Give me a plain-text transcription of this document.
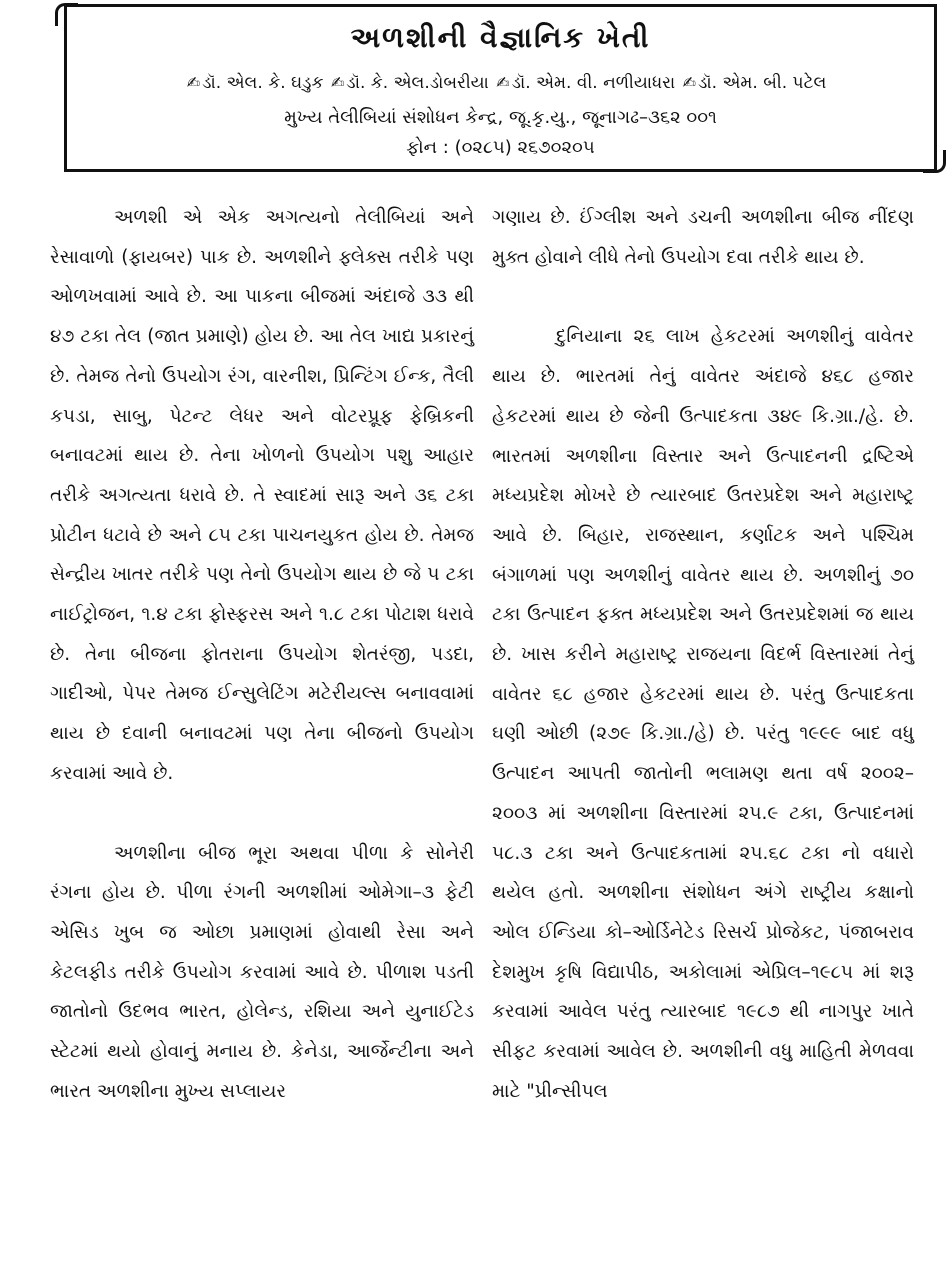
અળશીની વૈજ્ઞાનિક ખેતી
✍ ડૉ. એલ. કે. ઘડુક ✍ ડૉ. કે. એલ.ડોબરીયા ✍ ડૉ. એમ. વી. નળીયાધરા ✍ ડૉ. એમ. બી. પટેલ
મુખ્ય તેલીબિયાં સંશોધન કેન્દ્ર, જૂ.કૃ.યુ., જૂનાગઢ–૩૬૨ ૦૦૧
ફોન : (૦૨૮૫) ૨૬૭૦૨૦૫

અળશી એ એક અગત્યનો તેલીબિયાં અને રેસાવાળો (ફાયબર) પાક છે. અળશીને ફ્લેક્સ તરીકે પણ ઓળખવામાં આવે છે. આ પાકના બીજમાં અંદાજે ૩૩ થી ૪૭ ટકા તેલ (જાત પ્રમાણે) હોય છે. આ તેલ ખાદ્ય પ્રકારનું છે. તેમજ તેનો ઉપયોગ રંગ, વારનીશ, પ્રિન્ટિંગ ઈન્ક, તૈલી કપડા, સાબુ, પેટન્ટ લેધર અને વોટરપ્રૂફ ફેબ્રિકની બનાવટમાં થાય છે. તેના ખોળનો ઉપયોગ પશુ આહાર તરીકે અગત્યતા ધરાવે છે. તે સ્વાદમાં સારૂ અને ૩૬ ટકા પ્રોટીન ધટાવે છે અને ૮૫ ટકા પાચનયુકત હોય છે. તેમજ સેન્દ્રીય ખાતર તરીકે પણ તેનો ઉપયોગ થાય છે જે ૫ ટકા નાઈટ્રોજન, ૧.૪ ટકા ફોસ્ફરસ અને ૧.૮ ટકા પોટાશ ધરાવે છે. તેના બીજના ફોતરાના ઉપયોગ શેતરંજી, પડદા, ગાદીઓ, પેપર તેમજ ઈન્સુલેટિંગ મટેરીયલ્સ બનાવવામાં થાય છે દવાની બનાવટમાં પણ તેના બીજનો ઉપયોગ કરવામાં આવે છે.

અળશીના બીજ ભૂરા અથવા પીળા કે સોનેરી રંગના હોય છે. પીળા રંગની અળશીમાં ઓમેગા–૩ ફેટી એસિડ ખુબ જ ઓછા પ્રમાણમાં હોવાથી રેસા અને કેટલફીડ તરીકે ઉપયોગ કરવામાં આવે છે. પીળાશ પડતી જાતોનો ઉદભવ ભારત, હોલેન્ડ, રશિયા અને યુનાઈટેડ સ્ટેટમાં થયો હોવાનું મનાય છે. કેનેડા, આર્જેન્ટીના અને ભારત અળશીના મુખ્ય સપ્લાયર

ગણાય છે. ઈંગ્લીશ અને ડચની અળશીના બીજ નીંદણ મુક્ત હોવાને લીધે તેનો ઉપયોગ દવા તરીકે થાય છે.

દુનિયાના ૨૬ લાખ હેકટરમાં અળશીનું વાવેતર થાય છે. ભારતમાં તેનું વાવેતર અંદાજે ૪૬૮ હજાર હેકટરમાં થાય છે જેની ઉત્પાદકતા ૩૪૯ કિ.ગ્રા./હે. છે. ભારતમાં અળશીના વિસ્તાર અને ઉત્પાદનની દ્રષ્ટિએ મધ્યપ્રદેશ મોખરે છે ત્યારબાદ ઉતરપ્રદેશ અને મહારાષ્ટ્ર આવે છે. બિહાર, રાજસ્થાન, કર્ણાટક અને પશ્ચિમ બંગાળમાં પણ અળશીનું વાવેતર થાય છે. અળશીનું ૭૦ ટકા ઉત્પાદન ફક્ત મધ્યપ્રદેશ અને ઉતરપ્રદેશમાં જ થાય છે. ખાસ કરીને મહારાષ્ટ્ર રાજયના વિદર્ભ વિસ્તારમાં તેનું વાવેતર ૬૮ હજાર હેકટરમાં થાય છે. પરંતુ ઉત્પાદકતા ઘણી ઓછી (૨૭૯ કિ.ગ્રા./હે) છે. પરંતુ ૧૯૯૯ બાદ વધુ ઉત્પાદન આપતી જાતોની ભલામણ થતા વર્ષ ૨૦૦૨–૨૦૦૩ માં અળશીના વિસ્તારમાં ૨૫.૯ ટકા, ઉત્પાદનમાં ૫૮.૩ ટકા અને ઉત્પાદકતામાં ૨૫.૬૮ ટકા નો વધારો થયેલ હતો. અળશીના સંશોધન અંગે રાષ્ટ્રીય કક્ષાનો ઓલ ઈન્ડિયા કો–ઓર્ડિનેટેડ રિસર્ચ પ્રોજેકટ, પંજાબરાવ દેશમુખ કૃષિ વિદ્યાપીઠ, અકોલામાં એપ્રિલ–૧૯૮૫ માં શરૂ કરવામાં આવેલ પરંતુ ત્યારબાદ ૧૯૮૭ થી નાગપુર ખાતે સીફટ કરવામાં આવેલ છે. અળશીની વધુ માહિતી મેળવવા માટે "પ્રીન્સીપલ
